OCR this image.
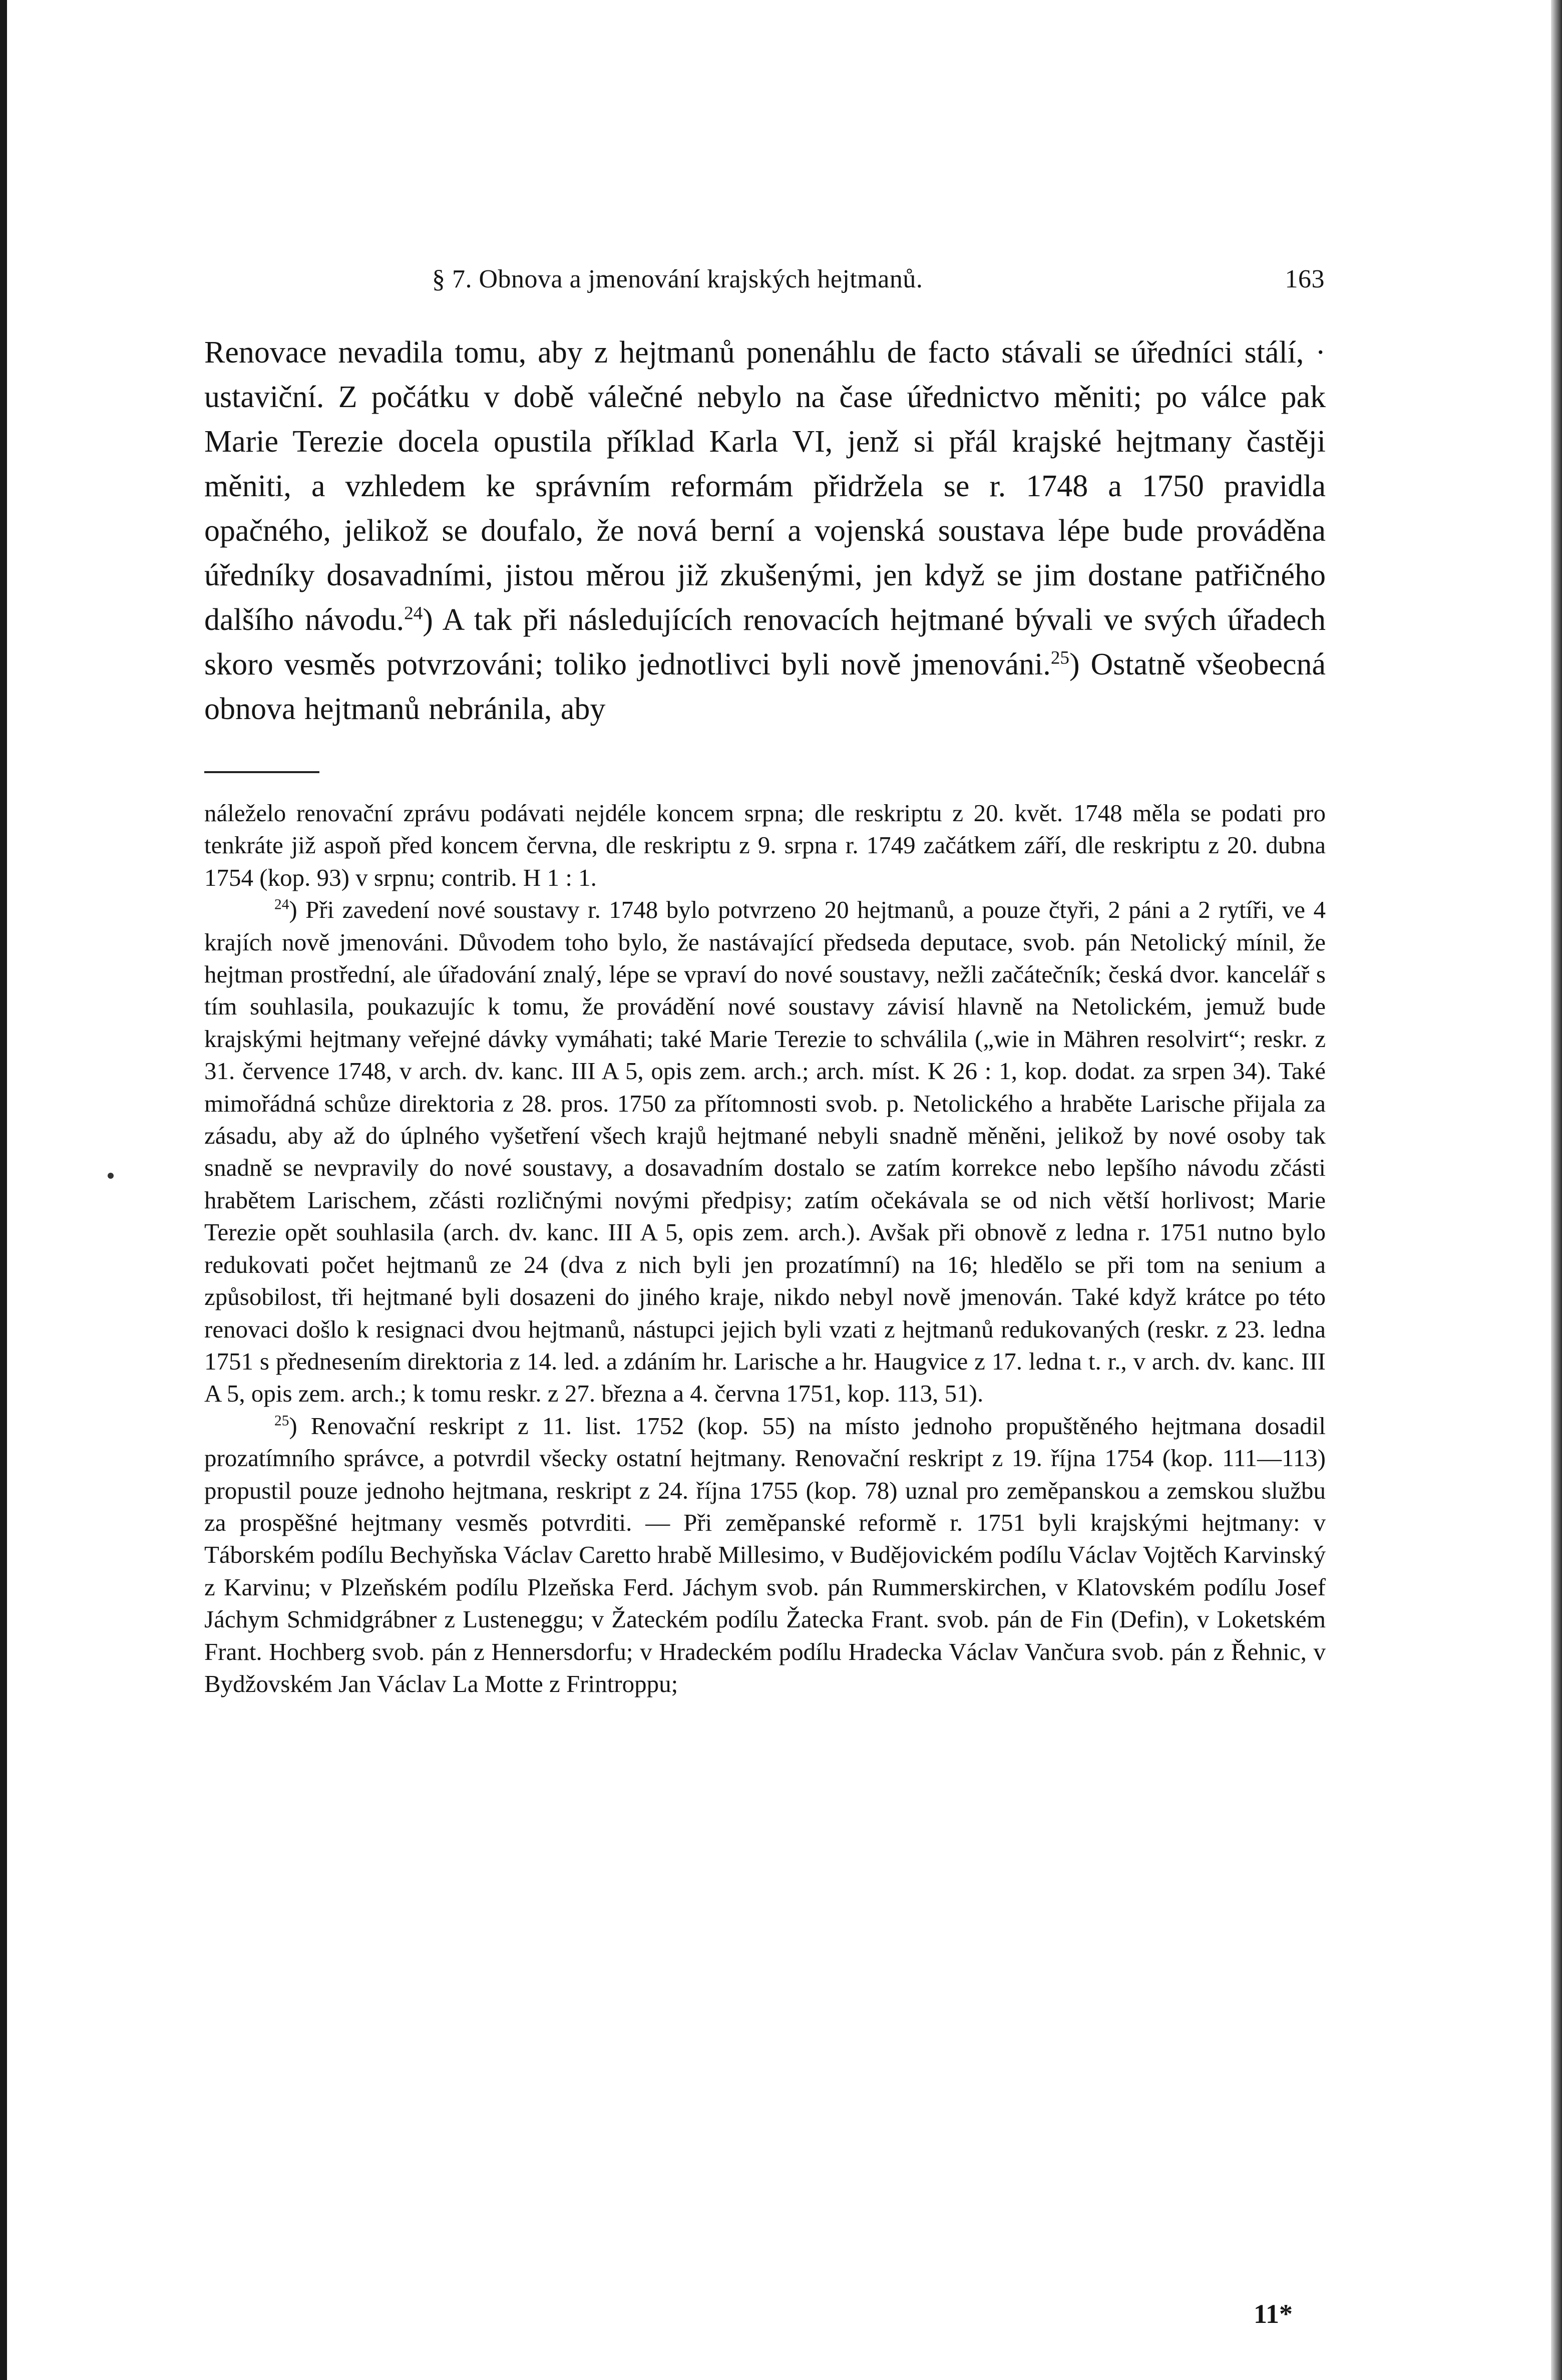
§ 7. Obnova a jmenování krajských hejtmanů.	163

Renovace nevadila tomu, aby z hejtmanů ponenáhlu de facto stávali se úředníci stálí, · ustaviční. Z počátku v době válečné nebylo na čase úřednictvo měniti; po válce pak Marie Terezie docela opustila příklad Karla VI, jenž si přál krajské hejtmany častěji měniti, a vzhledem ke správním reformám přidržela se r. 1748 a 1750 pravidla opačného, jelikož se doufalo, že nová berní a vojenská soustava lépe bude prováděna úředníky dosavadními, jistou měrou již zkušenými, jen když se jim dostane patřičného dalšího návodu.$^{24}$) A tak při následujících renovacích hejtmané bývali ve svých úřadech skoro vesměs potvrzováni; toliko jednotlivci byli nově jmenováni.$^{25}$) Ostatně všeobecná obnova hejtmanů nebránila, aby

náleželo renovační zprávu podávati nejdéle koncem srpna; dle reskriptu z 20. květ. 1748 měla se podati pro tenkráte již aspoň před koncem června, dle reskriptu z 9. srpna r. 1749 začátkem září, dle reskriptu z 20. dubna 1754 (kop. 93) v srpnu; contrib. H 1 : 1.

$^{24}$) Při zavedení nové soustavy r. 1748 bylo potvrzeno 20 hejtmanů, a pouze čtyři, 2 páni a 2 rytíři, ve 4 krajích nově jmenováni. Důvodem toho bylo, že nastávající předseda deputace, svob. pán Netolický mínil, že hejtman prostřední, ale úřadování znalý, lépe se vpraví do nové soustavy, nežli začátečník; česká dvor. kancelář s tím souhlasila, poukazujíc k tomu, že provádění nové soustavy závisí hlavně na Netolickém, jemuž bude krajskými hejtmany veřejné dávky vymáhati; také Marie Terezie to schválila („wie in Mähren resolvirt“; reskr. z 31. července 1748, v arch. dv. kanc. III A 5, opis zem. arch.; arch. míst. K 26 : 1, kop. dodat. za srpen 34). Také mimořádná schůze direktoria z 28. pros. 1750 za přítomnosti svob. p. Netolického a hraběte Larische přijala za zásadu, aby až do úplného vyšetření všech krajů hejtmané nebyli snadně měněni, jelikož by nové osoby tak snadně se nevpravily do nové soustavy, a dosavadním dostalo se zatím korrekce nebo lepšího návodu zčásti hrabětem Larischem, zčásti rozličnými novými předpisy; zatím očekávala se od nich větší horlivost; Marie Terezie opět souhlasila (arch. dv. kanc. III A 5, opis zem. arch.). Avšak při obnově z ledna r. 1751 nutno bylo redukovati počet hejtmanů ze 24 (dva z nich byli jen prozatímní) na 16; hledělo se při tom na senium a způsobilost, tři hejtmané byli dosazeni do jiného kraje, nikdo nebyl nově jmenován. Také když krátce po této renovaci došlo k resignaci dvou hejtmanů, nástupci jejich byli vzati z hejtmanů redukovaných (reskr. z 23. ledna 1751 s přednesením direktoria z 14. led. a zdáním hr. Larische a hr. Haugvice z 17. ledna t. r., v arch. dv. kanc. III A 5, opis zem. arch.; k tomu reskr. z 27. března a 4. června 1751, kop. 113, 51).

$^{25}$) Renovační reskript z 11. list. 1752 (kop. 55) na místo jednoho propuštěného hejtmana dosadil prozatímního správce, a potvrdil všecky ostatní hejtmany. Renovační reskript z 19. října 1754 (kop. 111—113) propustil pouze jednoho hejtmana, reskript z 24. října 1755 (kop. 78) uznal pro zeměpanskou a zemskou službu za prospěšné hejtmany vesměs potvrditi. — Při zeměpanské reformě r. 1751 byli krajskými hejtmany: v Táborském podílu Bechyňska Václav Caretto hrabě Millesimo, v Budějovickém podílu Václav Vojtěch Karvinský z Karvinu; v Plzeňském podílu Plzeňska Ferd. Jáchym svob. pán Rummerskirchen, v Klatovském podílu Josef Jáchym Schmidgrábner z Lusteneggu; v Žateckém podílu Žatecka Frant. svob. pán de Fin (Defin), v Loketském Frant. Hochberg svob. pán z Hennersdorfu; v Hradeckém podílu Hradecka Václav Vančura svob. pán z Řehnic, v Bydžovském Jan Václav La Motte z Frintroppu;

11*
